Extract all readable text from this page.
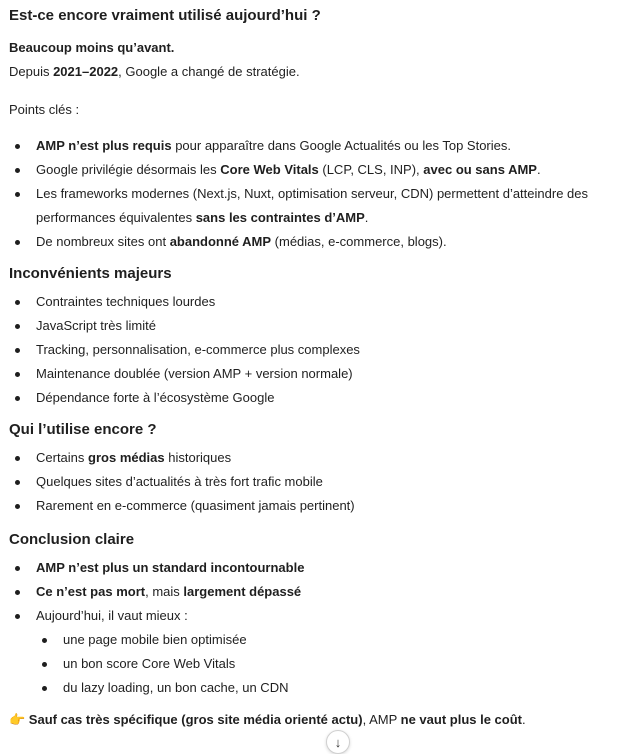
Est-ce encore vraiment utilisé aujourd’hui ?

Beaucoup moins qu’avant.

Depuis 2021–2022, Google a changé de stratégie.

Points clés :

AMP n’est plus requis pour apparaître dans Google Actualités ou les Top Stories.
Google privilégie désormais les Core Web Vitals (LCP, CLS, INP), avec ou sans AMP.
Les frameworks modernes (Next.js, Nuxt, optimisation serveur, CDN) permettent d’atteindre des performances équivalentes sans les contraintes d’AMP.
De nombreux sites ont abandonné AMP (médias, e-commerce, blogs).
Inconvénients majeurs
Contraintes techniques lourdes
JavaScript très limité
Tracking, personnalisation, e-commerce plus complexes
Maintenance doublée (version AMP + version normale)
Dépendance forte à l’écosystème Google
Qui l’utilise encore ?
Certains gros médias historiques
Quelques sites d’actualités à très fort trafic mobile
Rarement en e-commerce (quasiment jamais pertinent)
Conclusion claire
AMP n’est plus un standard incontournable
Ce n’est pas mort, mais largement dépassé
Aujourd’hui, il vaut mieux :
une page mobile bien optimisée
un bon score Core Web Vitals
du lazy loading, un bon cache, un CDN

👉 Sauf cas très spécifique (gros site média orienté actu), AMP ne vaut plus le coût.

↓
